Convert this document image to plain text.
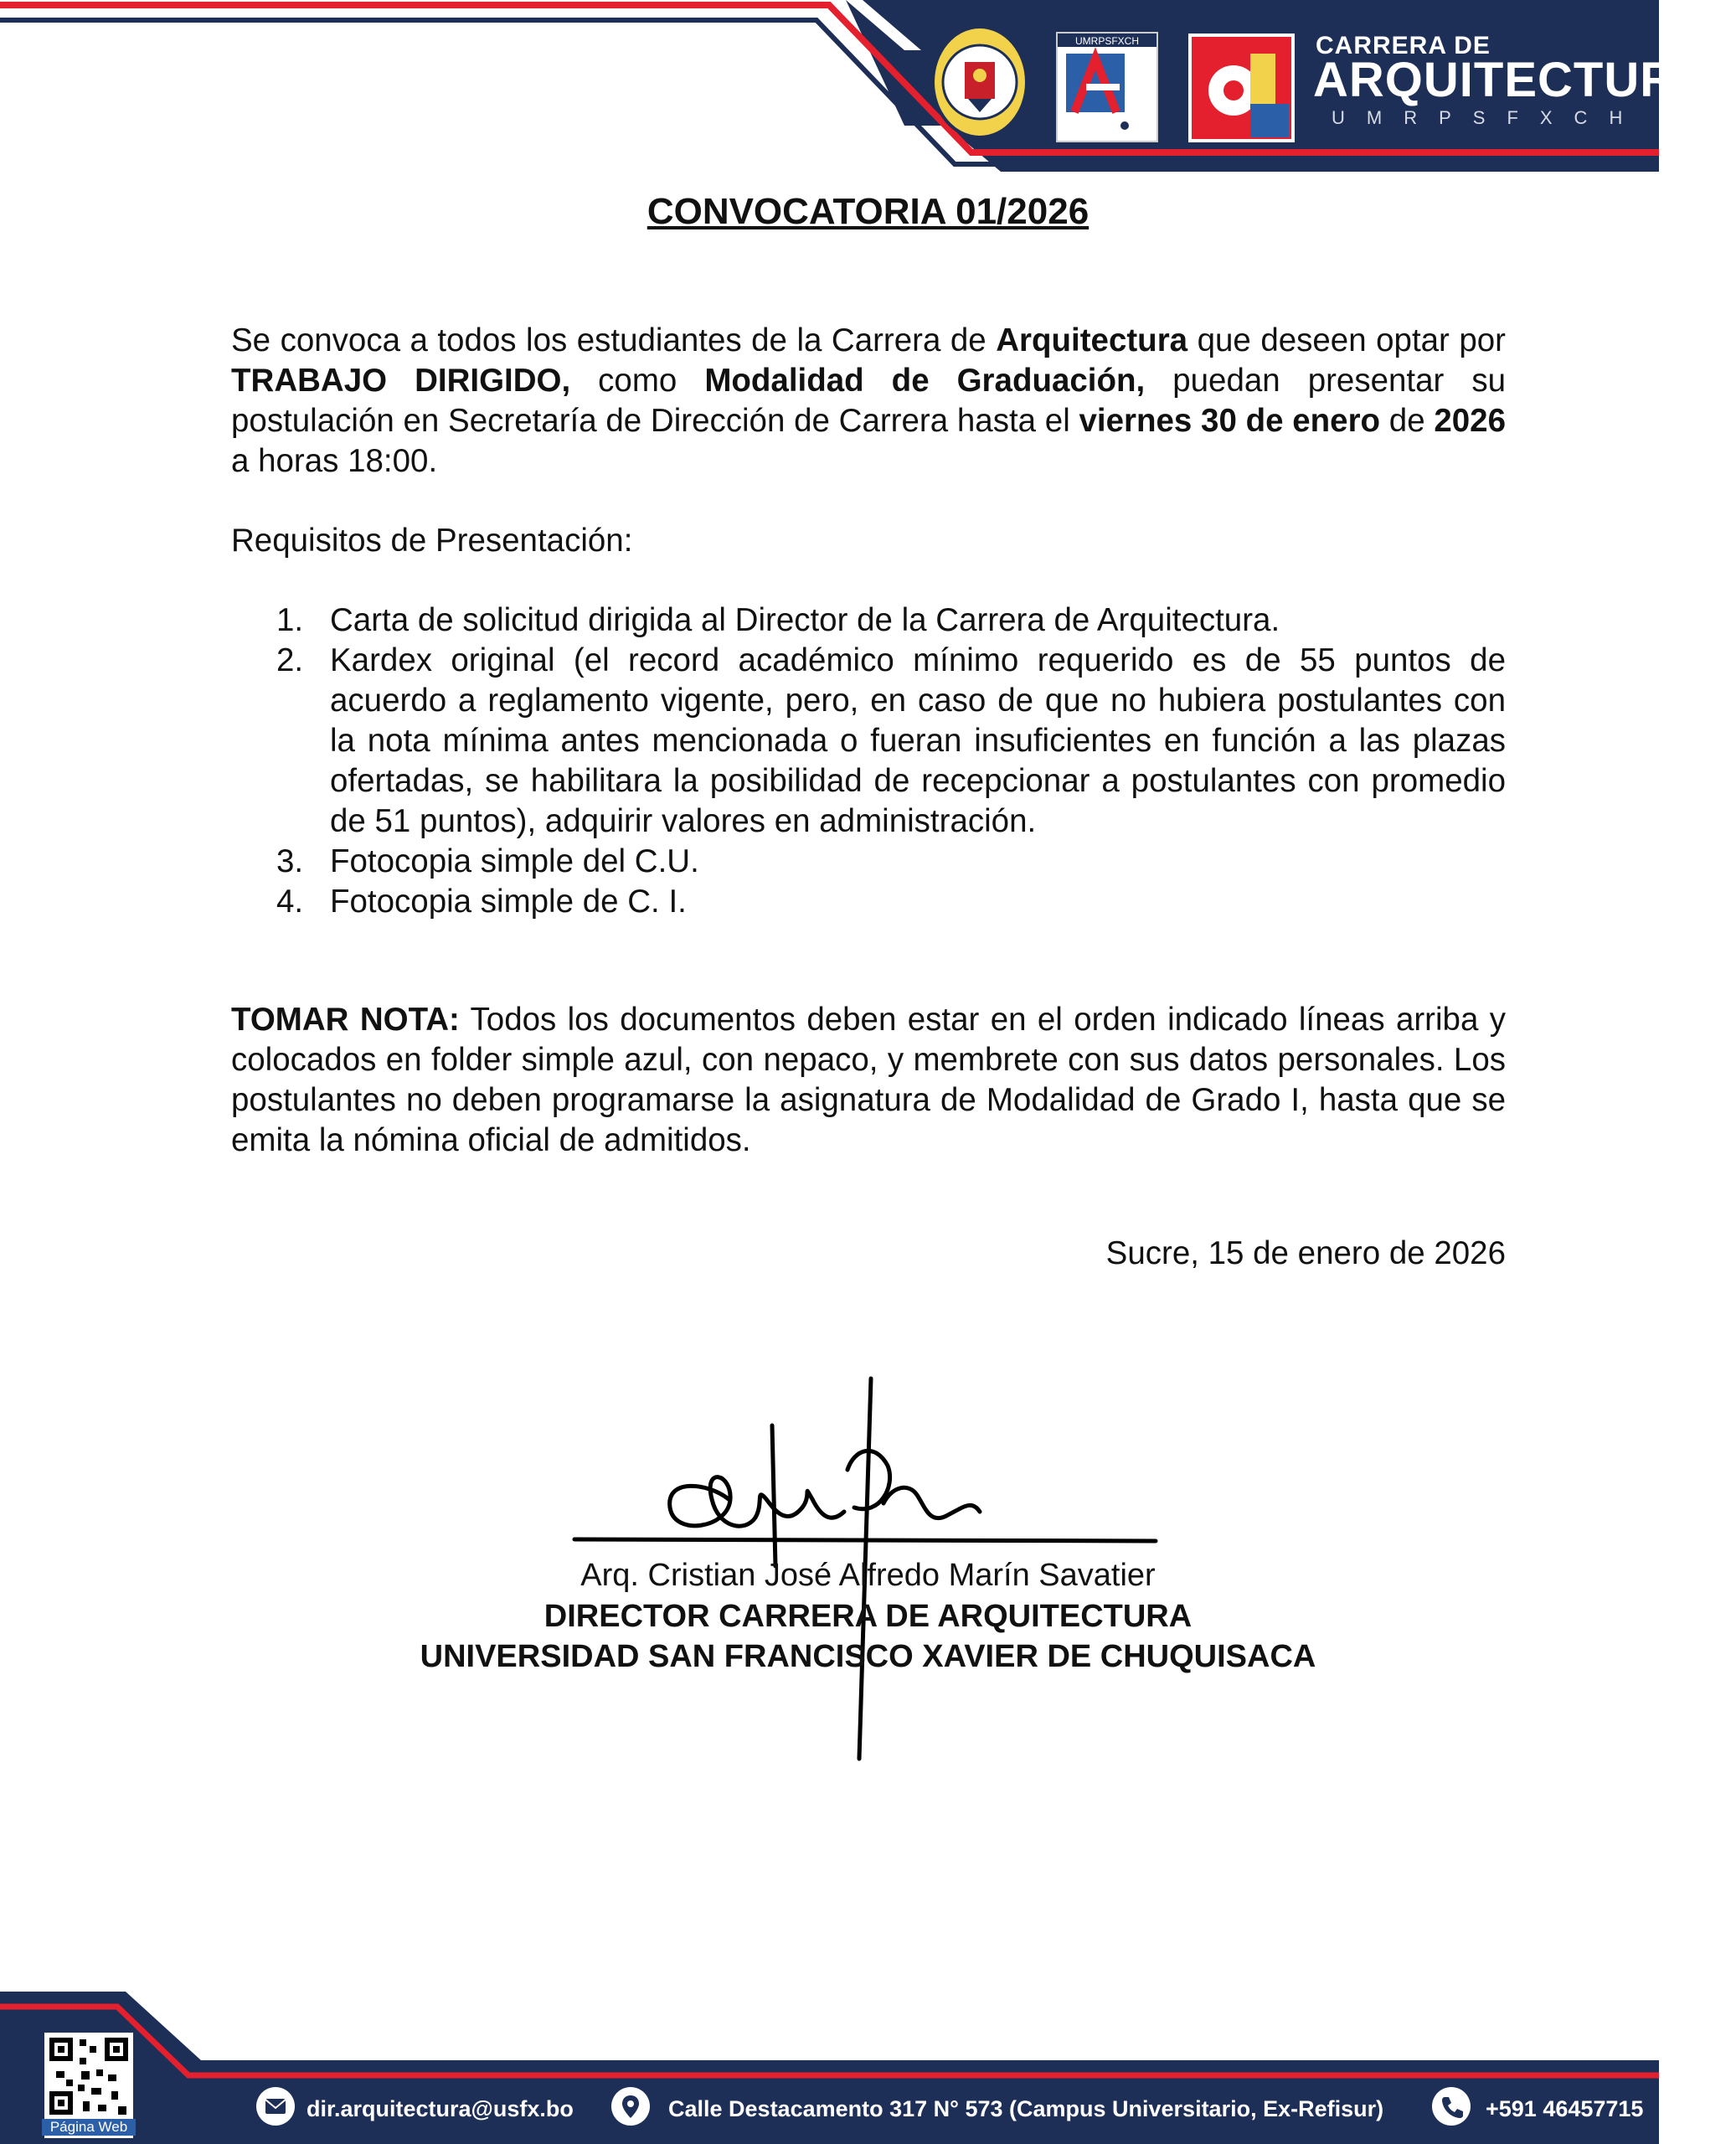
UMRPSFXCH	CARRERA DE
ARQUITECTURA
UMRPSFXCH
CONVOCATORIA 01/2026
Se convoca a todos los estudiantes de la Carrera de Arquitectura que deseen optar por TRABAJO DIRIGIDO, como Modalidad de Graduación, puedan presentar su postulación en Secretaría de Dirección de Carrera hasta el viernes 30 de enero de 2026 a horas 18:00.
Requisitos de Presentación:
1. Carta de solicitud dirigida al Director de la Carrera de Arquitectura.
2. Kardex original (el record académico mínimo requerido es de 55 puntos de acuerdo a reglamento vigente, pero, en caso de que no hubiera postulantes con la nota mínima antes mencionada o fueran insuficientes en función a las plazas ofertadas, se habilitara la posibilidad de recepcionar a postulantes con promedio de 51 puntos), adquirir valores en administración.
3. Fotocopia simple del C.U.
4. Fotocopia simple de C. I.
TOMAR NOTA: Todos los documentos deben estar en el orden indicado líneas arriba y colocados en folder simple azul, con nepaco, y membrete con sus datos personales. Los postulantes no deben programarse la asignatura de Modalidad de Grado I, hasta que se emita la nómina oficial de admitidos.
Sucre, 15 de enero de 2026
Arq. Cristian José Alfredo Marín Savatier
DIRECTOR CARRERA DE ARQUITECTURA
UNIVERSIDAD SAN FRANCISCO XAVIER DE CHUQUISACA
Página Web
dir.arquitectura@usfx.bo	Calle Destacamento 317 N° 573 (Campus Universitario, Ex-Refisur)	+591 46457715
